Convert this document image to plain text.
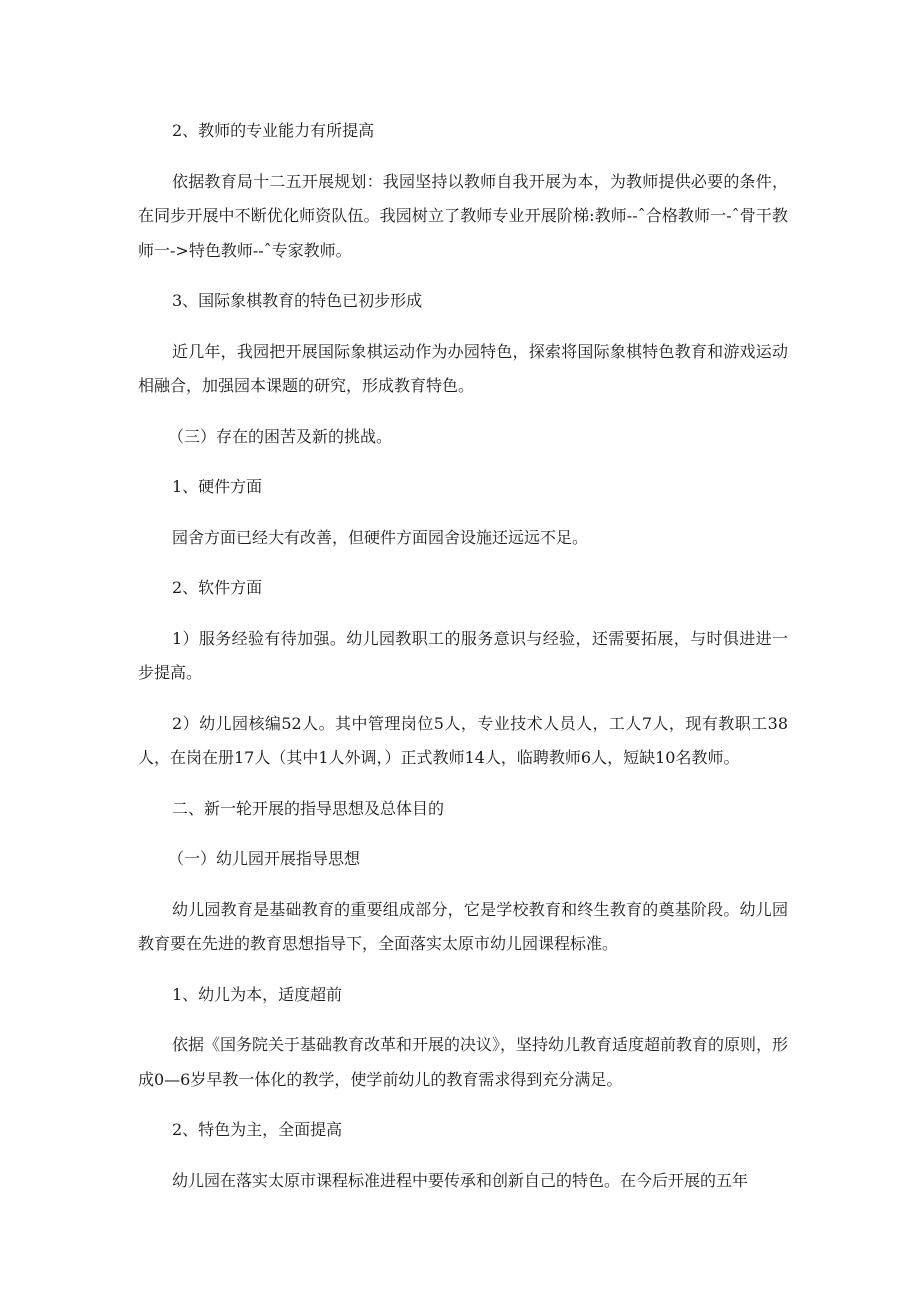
2、教师的专业能力有所提高

依据教育局十二五开展规划：我园坚持以教师自我开展为本，为教师提供必要的条件，在同步开展中不断优化师资队伍。我园树立了教师专业开展阶梯:教师--ˆ合格教师一-ˆ骨干教师一->特色教师--ˆ专家教师。

3、国际象棋教育的特色已初步形成

近几年，我园把开展国际象棋运动作为办园特色，探索将国际象棋特色教育和游戏运动相融合，加强园本课题的研究，形成教育特色。

（三）存在的困苦及新的挑战。

1、硬件方面

园舍方面已经大有改善，但硬件方面园舍设施还远远不足。

2、软件方面

1）服务经验有待加强。幼儿园教职工的服务意识与经验，还需要拓展，与时俱进进一步提高。

2）幼儿园核编52人。其中管理岗位5人，专业技术人员人，工人7人，现有教职工38人，在岗在册17人（其中1人外调，）正式教师14人，临聘教师6人，短缺10名教师。

二、新一轮开展的指导思想及总体目的

（一）幼儿园开展指导思想

幼儿园教育是基础教育的重要组成部分，它是学校教育和终生教育的奠基阶段。幼儿园教育要在先进的教育思想指导下，全面落实太原市幼儿园课程标准。

1、幼儿为本，适度超前

依据《国务院关于基础教育改革和开展的决议》，坚持幼儿教育适度超前教育的原则，形成0—6岁早教一体化的教学，使学前幼儿的教育需求得到充分满足。

2、特色为主，全面提高

幼儿园在落实太原市课程标准进程中要传承和创新自己的特色。在今后开展的五年
